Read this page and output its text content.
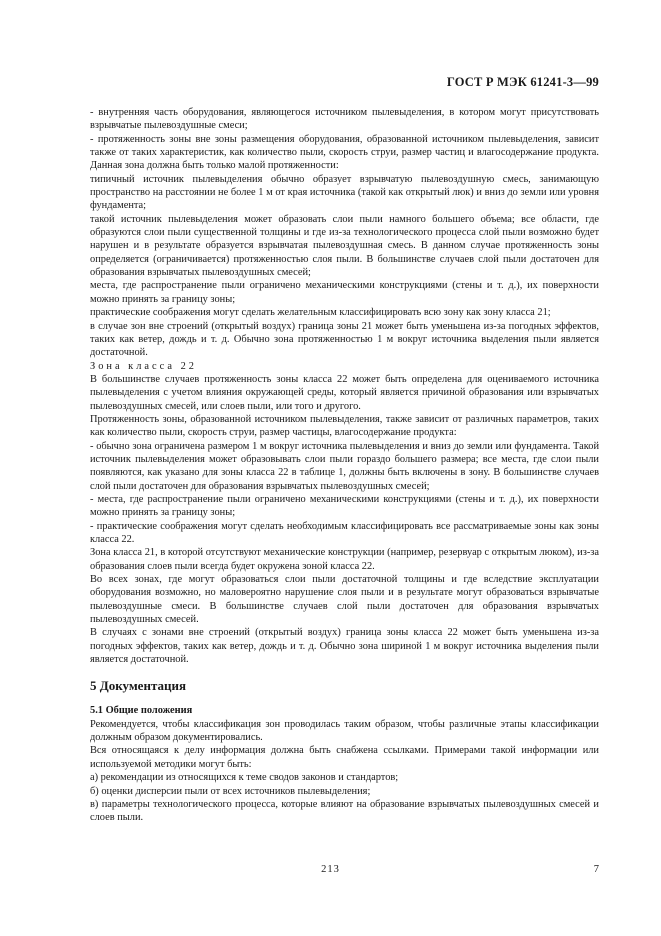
ГОСТ Р МЭК 61241-3—99

- внутренняя часть оборудования, являющегося источником пылевыделения, в котором могут присутствовать взрывчатые пылевоздушные смеси;

- протяженность зоны вне зоны размещения оборудования, образованной источником пылевыделения, зависит также от таких характеристик, как количество пыли, скорость струи, размер частиц и влагосодержание продукта. Данная зона должна быть только малой протяженности:

типичный источник пылевыделения обычно образует взрывчатую пылевоздушную смесь, занимающую пространство на расстоянии не более 1 м от края источника (такой как открытый люк) и вниз до земли или уровня фундамента;

такой источник пылевыделения может образовать слои пыли намного большего объема; все области, где образуются слои пыли существенной толщины и где из-за технологического процесса слой пыли возможно будет нарушен и в результате образуется взрывчатая пылевоздушная смесь. В данном случае протяженность зоны определяется (ограничивается) протяженностью слоя пыли. В большинстве случаев слой пыли достаточен для образования взрывчатых пылевоздушных смесей;

места, где распространение пыли ограничено механическими конструкциями (стены и т. д.), их поверхности можно принять за границу зоны;

практические соображения могут сделать желательным классифицировать всю зону как зону класса 21;

в случае зон вне строений (открытый воздух) граница зоны 21 может быть уменьшена из-за погодных эффектов, таких как ветер, дождь и т. д. Обычно зона протяженностью 1 м вокруг источника выделения пыли является достаточной.

Зона класса 22

В большинстве случаев протяженность зоны класса 22 может быть определена для оцениваемого источника пылевыделения с учетом влияния окружающей среды, который является причиной образования или взрывчатых пылевоздушных смесей, или слоев пыли, или того и другого.

Протяженность зоны, образованной источником пылевыделения, также зависит от различных параметров, таких как количество пыли, скорость струи, размер частицы, влагосодержание продукта:

- обычно зона ограничена размером 1 м вокруг источника пылевыделения и вниз до земли или фундамента. Такой источник пылевыделения может образовывать слои пыли гораздо большего размера; все места, где слои пыли появляются, как указано для зоны класса 22 в таблице 1, должны быть включены в зону. В большинстве случаев слой пыли достаточен для образования взрывчатых пылевоздушных смесей;

- места, где распространение пыли ограничено механическими конструкциями (стены и т. д.), их поверхности можно принять за границу зоны;

- практические соображения могут сделать необходимым классифицировать все рассматриваемые зоны как зоны класса 22.

Зона класса 21, в которой отсутствуют механические конструкции (например, резервуар с открытым люком), из-за образования слоев пыли всегда будет окружена зоной класса 22.

Во всех зонах, где могут образоваться слои пыли достаточной толщины и где вследствие эксплуатации оборудования возможно, но маловероятно нарушение слоя пыли и в результате могут образоваться взрывчатые пылевоздушные смеси. В большинстве случаев слой пыли достаточен для образования взрывчатых пылевоздушных смесей.

В случаях с зонами вне строений (открытый воздух) граница зоны класса 22 может быть уменьшена из-за погодных эффектов, таких как ветер, дождь и т. д. Обычно зона шириной 1 м вокруг источника выделения пыли является достаточной.

5 Документация
5.1 Общие положения

Рекомендуется, чтобы классификация зон проводилась таким образом, чтобы различные этапы классификации должным образом документировались.

Вся относящаяся к делу информация должна быть снабжена ссылками. Примерами такой информации или используемой методики могут быть:

а) рекомендации из относящихся к теме сводов законов и стандартов;

б) оценки дисперсии пыли от всех источников пылевыделения;

в) параметры технологического процесса, которые влияют на образование взрывчатых пылевоздушных смесей и слоев пыли.

213	7
